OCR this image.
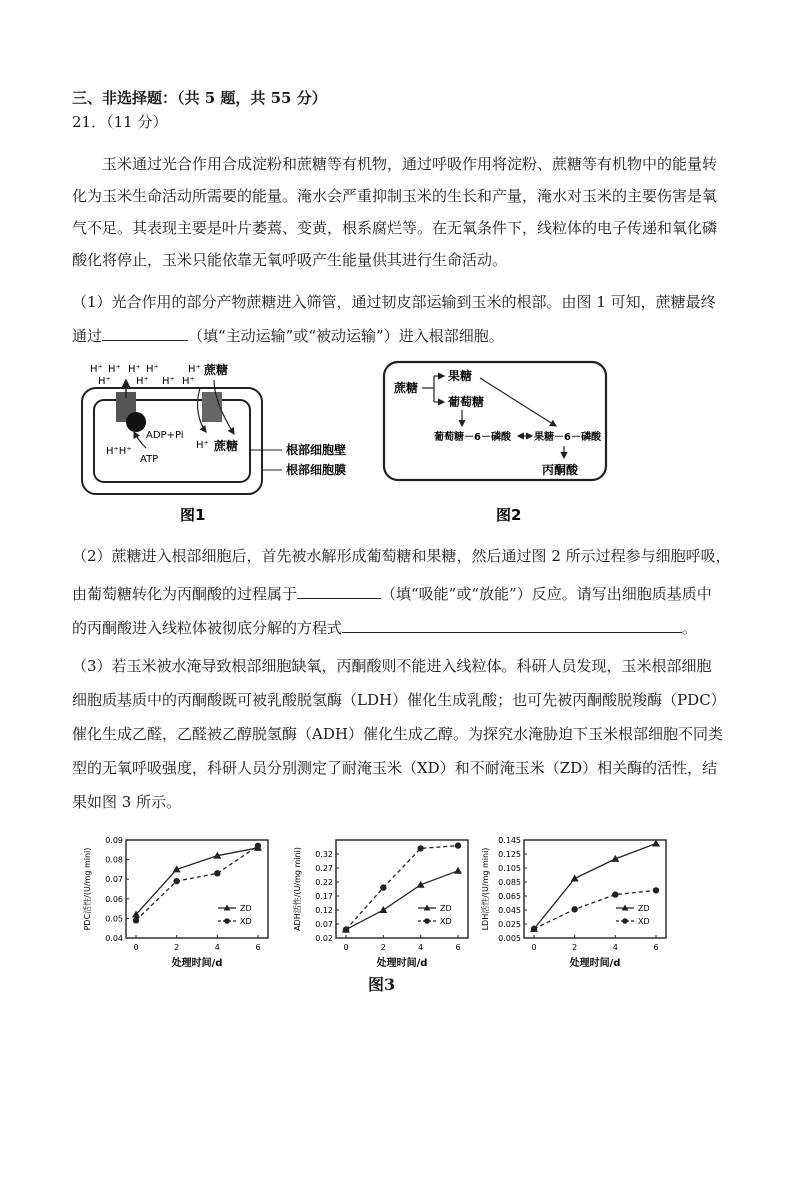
三、非选择题：（共 5 题，共 55 分）
21．（11 分）
玉米通过光合作用合成淀粉和蔗糖等有机物，通过呼吸作用将淀粉、蔗糖等有机物中的能量转
化为玉米生命活动所需要的能量。淹水会严重抑制玉米的生长和产量，淹水对玉米的主要伤害是氧
气不足。其表现主要是叶片萎蔫、变黄，根系腐烂等。在无氧条件下，线粒体的电子传递和氧化磷
酸化将停止，玉米只能依靠无氧呼吸产生能量供其进行生命活动。
（1）光合作用的部分产物蔗糖进入筛管，通过韧皮部运输到玉米的根部。由图 1 可知，蔗糖最终
通过	（填“主动运输”或“被动运输”）进入根部细胞。
H⁺ H⁺ H⁺
H⁺
H⁺
H⁺ H⁺
H⁺
H⁺
蔗糖
ADP+Pi
ATP
H⁺H⁺
H⁺ 蔗糖	根部细胞壁
根部细胞膜
图1
蔗糖
果糖
葡萄糖
葡萄糖－6－磷酸 果糖－6－磷酸
丙酮酸
图2
（2）蔗糖进入根部细胞后，首先被水解形成葡萄糖和果糖，然后通过图 2 所示过程参与细胞呼吸，
由葡萄糖转化为丙酮酸的过程属于	（填“吸能”或“放能”）反应。请写出细胞质基质中
的丙酮酸进入线粒体被彻底分解的方程式	。
（3）若玉米被水淹导致根部细胞缺氧，丙酮酸则不能进入线粒体。科研人员发现，玉米根部细胞
细胞质基质中的丙酮酸既可被乳酸脱氢酶（LDH）催化生成乳酸；也可先被丙酮酸脱羧酶（PDC）
催化生成乙醛，乙醛被乙醇脱氢酶（ADH）催化生成乙醇。为探究水淹胁迫下玉米根部细胞不同类
型的无氧呼吸强度，科研人员分别测定了耐淹玉米（XD）和不耐淹玉米（ZD）相关酶的活性，结
果如图 3 所示。
0.04
0.05
0.06
0.07
0.08
0.09
0	2	4	6
处理时间/d
PDC活性/(U/mg mini)	ZD
XD
0.02
0.07
0.12
0.17
0.22
0.27
0.32
0	2	4	6
处理时间/d
ADH活性/(U/mg mini)	ZD
XD
0.005
0.025
0.045
0.065
0.085
0.105
0.125
0.145
0	2	4	6
处理时间/d
LDH活性/(U/mg mini)	ZD
XD
图3
